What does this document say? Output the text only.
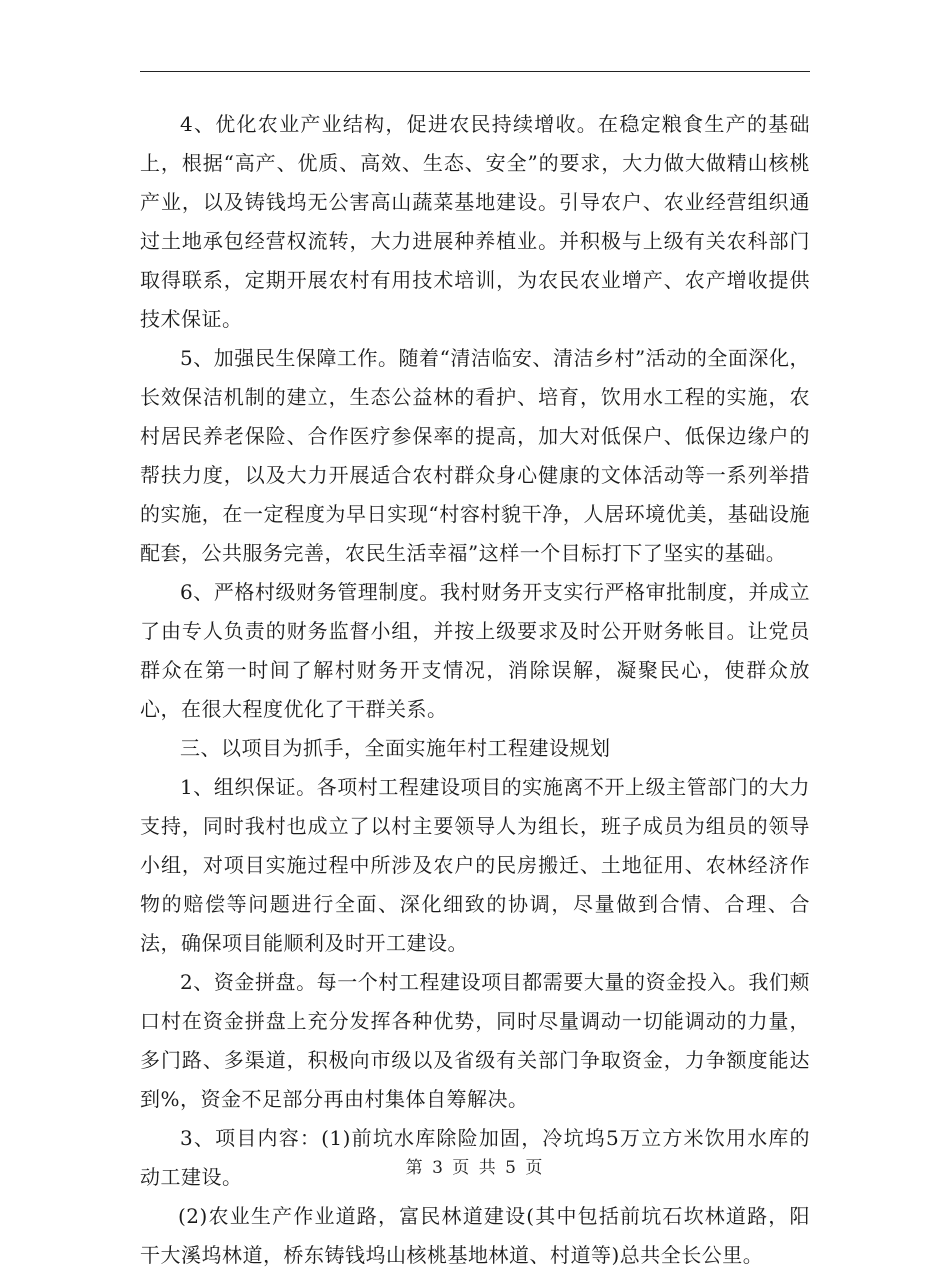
4、优化农业产业结构，促进农民持续增收。在稳定粮食生产的基础上，根据“高产、优质、高效、生态、安全”的要求，大力做大做精山核桃产业，以及铸钱坞无公害高山蔬菜基地建设。引导农户、农业经营组织通过土地承包经营权流转，大力进展种养植业。并积极与上级有关农科部门取得联系，定期开展农村有用技术培训，为农民农业增产、农产增收提供技术保证。

5、加强民生保障工作。随着“清洁临安、清洁乡村”活动的全面深化，长效保洁机制的建立，生态公益林的看护、培育，饮用水工程的实施，农村居民养老保险、合作医疗参保率的提高，加大对低保户、低保边缘户的帮扶力度，以及大力开展适合农村群众身心健康的文体活动等一系列举措的实施，在一定程度为早日实现“村容村貌干净，人居环境优美，基础设施配套，公共服务完善，农民生活幸福”这样一个目标打下了坚实的基础。

6、严格村级财务管理制度。我村财务开支实行严格审批制度，并成立了由专人负责的财务监督小组，并按上级要求及时公开财务帐目。让党员群众在第一时间了解村财务开支情况，消除误解，凝聚民心，使群众放心，在很大程度优化了干群关系。

三、以项目为抓手，全面实施年村工程建设规划

1、组织保证。各项村工程建设项目的实施离不开上级主管部门的大力支持，同时我村也成立了以村主要领导人为组长，班子成员为组员的领导小组，对项目实施过程中所涉及农户的民房搬迁、土地征用、农林经济作物的赔偿等问题进行全面、深化细致的协调，尽量做到合情、合理、合法，确保项目能顺利及时开工建设。

2、资金拼盘。每一个村工程建设项目都需要大量的资金投入。我们颊口村在资金拼盘上充分发挥各种优势，同时尽量调动一切能调动的力量，多门路、多渠道，积极向市级以及省级有关部门争取资金，力争额度能达到%，资金不足部分再由村集体自筹解决。

3、项目内容：(1)前坑水库除险加固，冷坑坞5万立方米饮用水库的动工建设。

(2)农业生产作业道路，富民林道建设(其中包括前坑石坎林道路，阳干大溪坞林道，桥东铸钱坞山核桃基地林道、村道等)总共全长公里。

第 3 页 共 5 页
